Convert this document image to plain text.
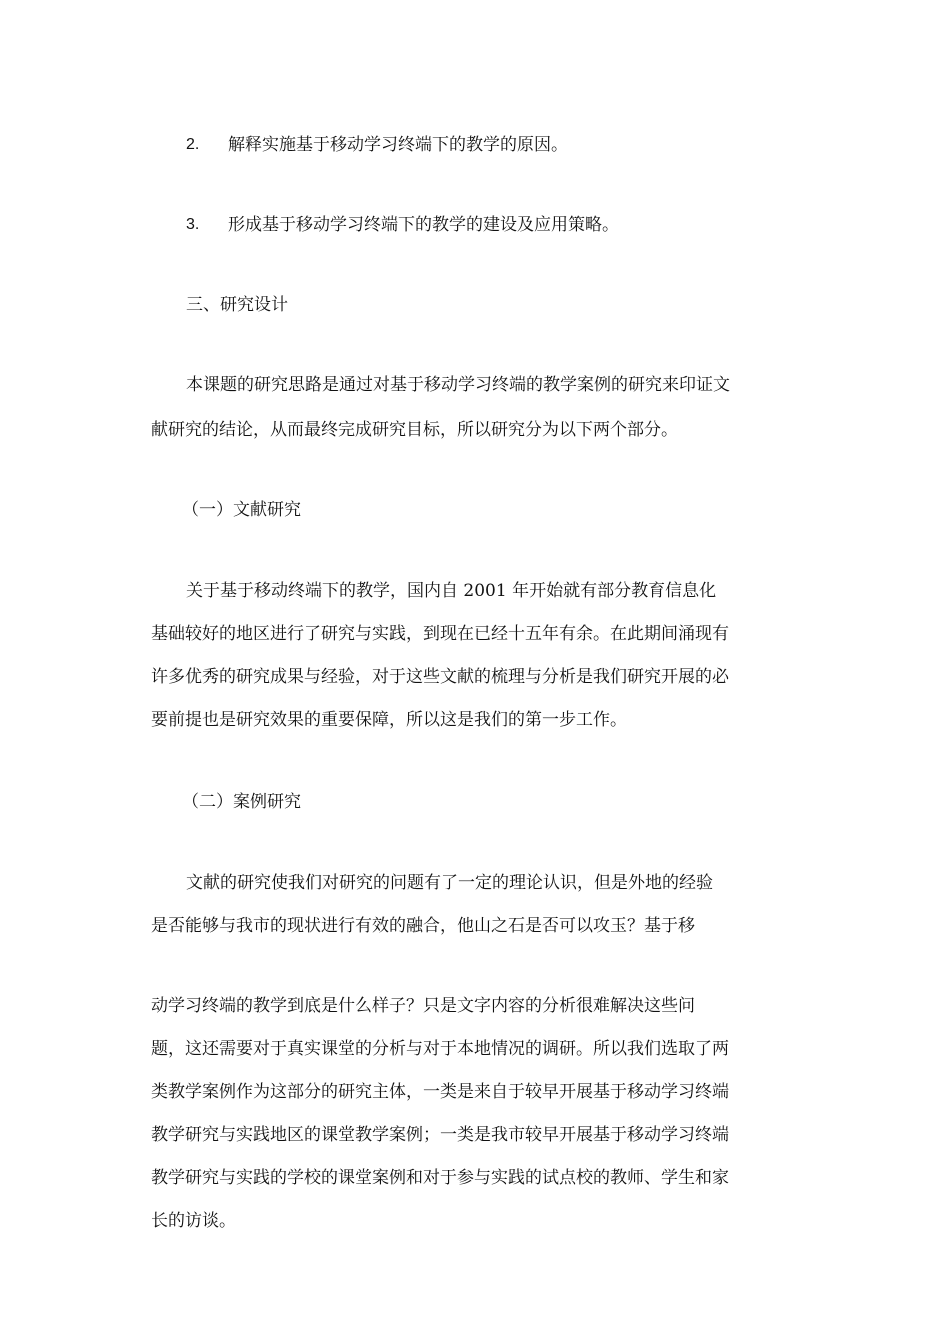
2. 解释实施基于移动学习终端下的教学的原因。
3. 形成基于移动学习终端下的教学的建设及应用策略。
三、研究设计
本课题的研究思路是通过对基于移动学习终端的教学案例的研究来印证文
献研究的结论，从而最终完成研究目标，所以研究分为以下两个部分。
（一）文献研究
关于基于移动终端下的教学，国内自 2001 年开始就有部分教育信息化
基础较好的地区进行了研究与实践，到现在已经十五年有余。在此期间涌现有
许多优秀的研究成果与经验，对于这些文献的梳理与分析是我们研究开展的必
要前提也是研究效果的重要保障，所以这是我们的第一步工作。
（二）案例研究
文献的研究使我们对研究的问题有了一定的理论认识，但是外地的经验
是否能够与我市的现状进行有效的融合，他山之石是否可以攻玉？基于移
动学习终端的教学到底是什么样子？只是文字内容的分析很难解决这些问
题，这还需要对于真实课堂的分析与对于本地情况的调研。所以我们选取了两
类教学案例作为这部分的研究主体，一类是来自于较早开展基于移动学习终端
教学研究与实践地区的课堂教学案例；一类是我市较早开展基于移动学习终端
教学研究与实践的学校的课堂案例和对于参与实践的试点校的教师、学生和家
长的访谈。
